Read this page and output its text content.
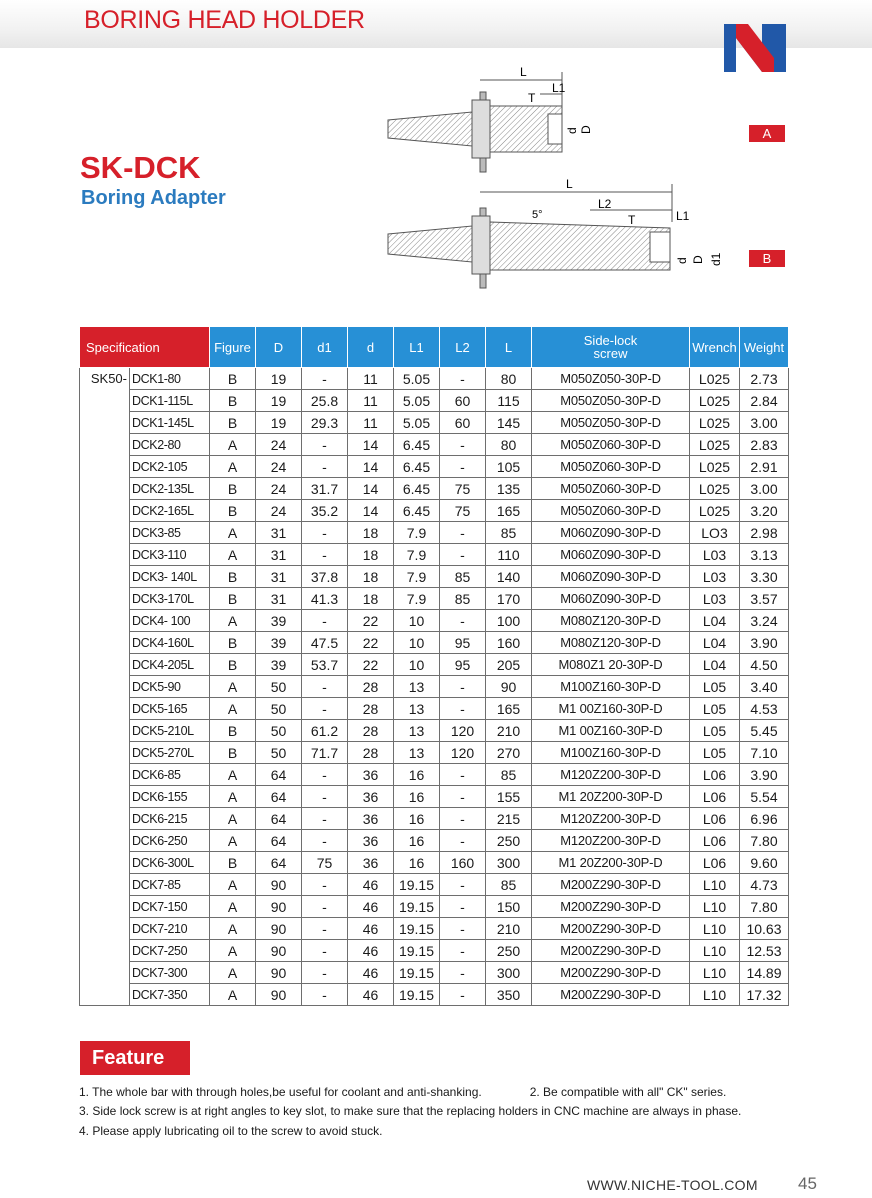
BORING HEAD HOLDER
SK-DCK
Boring Adapter
L
L1
T
d D	A
L
L2
L1
T
5°
d D d1	B
Specification		Figure	D	d1	d	L1	L2	L	Side-lock
screw	Wrench	Weight
SK50-	DCK1-80	B	19	-	11	5.05	-	80	M050Z050-30P-D	L025	2.73
	DCK1-115L	B	19	25.8	11	5.05	60	115	M050Z050-30P-D	L025	2.84
	DCK1-145L	B	19	29.3	11	5.05	60	145	M050Z050-30P-D	L025	3.00
	DCK2-80	A	24	-	14	6.45	-	80	M050Z060-30P-D	L025	2.83
	DCK2-105	A	24	-	14	6.45	-	105	M050Z060-30P-D	L025	2.91
	DCK2-135L	B	24	31.7	14	6.45	75	135	M050Z060-30P-D	L025	3.00
	DCK2-165L	B	24	35.2	14	6.45	75	165	M050Z060-30P-D	L025	3.20
	DCK3-85	A	31	-	18	7.9	-	85	M060Z090-30P-D	LO3	2.98
	DCK3-110	A	31	-	18	7.9	-	110	M060Z090-30P-D	L03	3.13
	DCK3- 140L	B	31	37.8	18	7.9	85	140	M060Z090-30P-D	L03	3.30
	DCK3-170L	B	31	41.3	18	7.9	85	170	M060Z090-30P-D	L03	3.57
	DCK4- 100	A	39	-	22	10	-	100	M080Z120-30P-D	L04	3.24
	DCK4-160L	B	39	47.5	22	10	95	160	M080Z120-30P-D	L04	3.90
	DCK4-205L	B	39	53.7	22	10	95	205	M080Z1 20-30P-D	L04	4.50
	DCK5-90	A	50	-	28	13	-	90	M100Z160-30P-D	L05	3.40
	DCK5-165	A	50	-	28	13	-	165	M1 00Z160-30P-D	L05	4.53
	DCK5-210L	B	50	61.2	28	13	120	210	M1 00Z160-30P-D	L05	5.45
	DCK5-270L	B	50	71.7	28	13	120	270	M100Z160-30P-D	L05	7.10
	DCK6-85	A	64	-	36	16	-	85	M120Z200-30P-D	L06	3.90
	DCK6-155	A	64	-	36	16	-	155	M1 20Z200-30P-D	L06	5.54
	DCK6-215	A	64	-	36	16	-	215	M120Z200-30P-D	L06	6.96
	DCK6-250	A	64	-	36	16	-	250	M120Z200-30P-D	L06	7.80
	DCK6-300L	B	64	75	36	16	160	300	M1 20Z200-30P-D	L06	9.60
	DCK7-85	A	90	-	46	19.15	-	85	M200Z290-30P-D	L10	4.73
	DCK7-150	A	90	-	46	19.15	-	150	M200Z290-30P-D	L10	7.80
	DCK7-210	A	90	-	46	19.15	-	210	M200Z290-30P-D	L10	10.63
	DCK7-250	A	90	-	46	19.15	-	250	M200Z290-30P-D	L10	12.53
	DCK7-300	A	90	-	46	19.15	-	300	M200Z290-30P-D	L10	14.89
	DCK7-350	A	90	-	46	19.15	-	350	M200Z290-30P-D	L10	17.32
Feature
1. The whole bar with through holes,be useful for coolant and anti-shanking.	2. Be compatible with all" CK" series.
3. Side lock screw is at right angles to key slot, to make sure that the replacing holders in CNC machine are always in phase.
4. Please apply lubricating oil to the screw to avoid stuck.
WWW.NICHE-TOOL.COM 45
